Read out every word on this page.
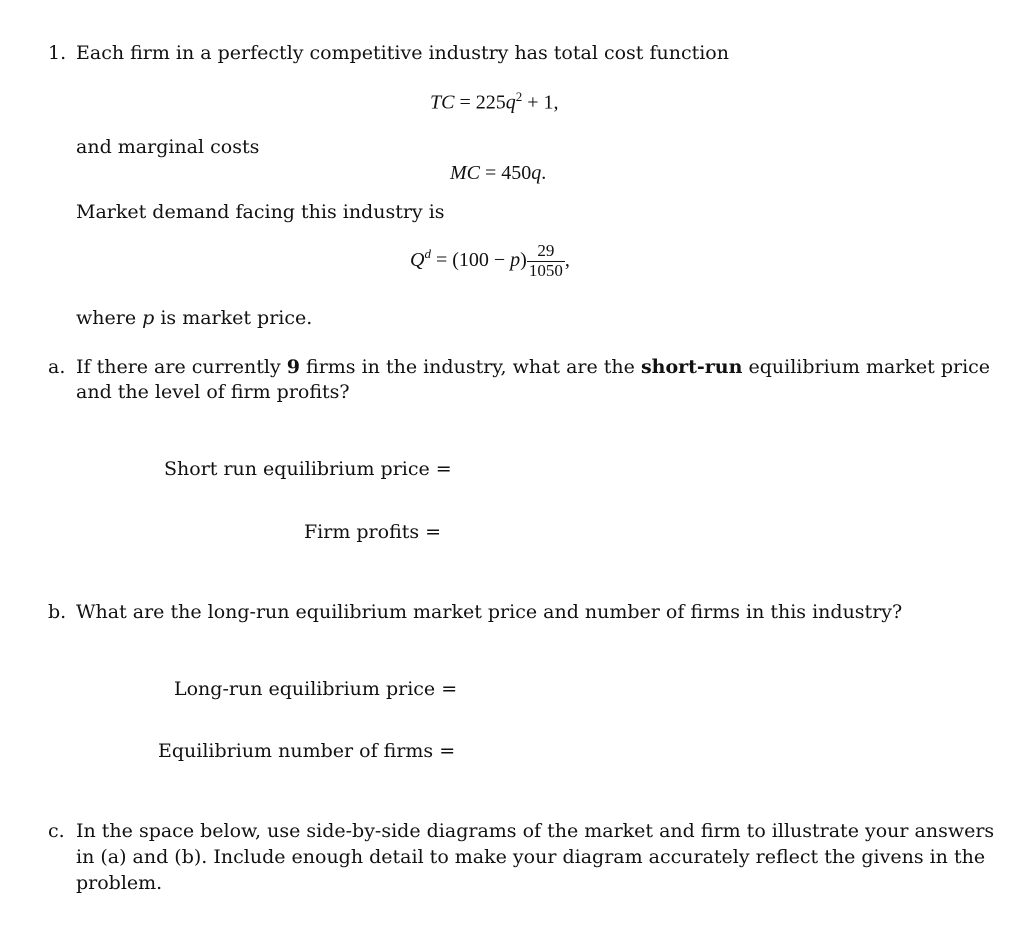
1. Each firm in a perfectly competitive industry has total cost function
TC = $225q^2 + 1$,
and marginal costs
MC = 450q.
Market demand facing this industry is
$Q^d = (100 - p) \frac{29}{1050}$ ,
where p is market price.
a. If there are currently 9 firms in the industry, what are the short-run equilibrium market price
and the level of firm profits?
Short run equilibrium price =
Firm profits =
b. What are the long-run equilibrium market price and number of firms in this industry?
Long-run equilibrium price =
Equilibrium number of firms =
c. In the space below, use side-by-side diagrams of the market and firm to illustrate your answers
in (a) and (b). Include enough detail to make your diagram accurately reflect the givens in the
problem.
